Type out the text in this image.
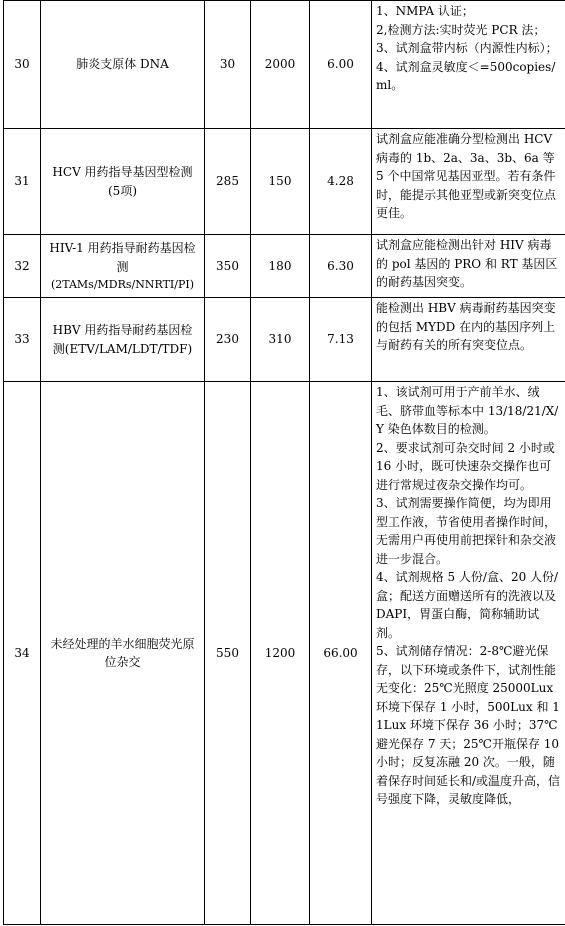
30	肺炎支原体 DNA	30	2000	6.00	1、NMPA 认证；
2,检测方法:实时荧光 PCR 法；
3、试剂盒带内标（内源性内标）；
4、试剂盒灵敏度＜=500copies/ml。

31	HCV 用药指导基因型检测(5项)	285	150	4.28	试剂盒应能准确分型检测出 HCV 病毒的 1b、2a、3a、3b、6a 等 5 个中国常见基因亚型。若有条件时，能提示其他亚型或新突变位点更佳。

32	HIV-1 用药指导耐药基因检测
(2TAMs/MDRs/NNRTI/PI)	350	180	6.30	试剂盒应能检测出针对 HIV 病毒的 pol 基因的 PRO 和 RT 基因区的耐药基因突变。

33	HBV 用药指导耐药基因检测(ETV/LAM/LDT/TDF)	230	310	7.13	能检测出 HBV 病毒耐药基因突变的包括 MYDD 在内的基因序列上与耐药有关的所有突变位点。

34	未经处理的羊水细胞荧光原位杂交	550	1200	66.00	1、该试剂可用于产前羊水、绒毛、脐带血等标本中 13/18/21/X/Y 染色体数目的检测。
2、要求试剂可杂交时间 2 小时或 16 小时，既可快速杂交操作也可进行常规过夜杂交操作均可。
3、试剂需要操作简便，均为即用型工作液，节省使用者操作时间，无需用户再使用前把探针和杂交液进一步混合。
4、试剂规格 5 人份/盒、20 人份/盒；配送方面赠送所有的洗液以及 DAPI，胃蛋白酶，简称辅助试剂。
5、试剂储存情况：2-8℃避光保存，以下环境或条件下，试剂性能无变化：25℃光照度 25000Lux 环境下保存 1 小时，500Lux 和 11Lux 环境下保存 36 小时；37℃避光保存 7 天；25℃开瓶保存 10 小时；反复冻融 20 次。一般，随着保存时间延长和/或温度升高，信号强度下降，灵敏度降低，
